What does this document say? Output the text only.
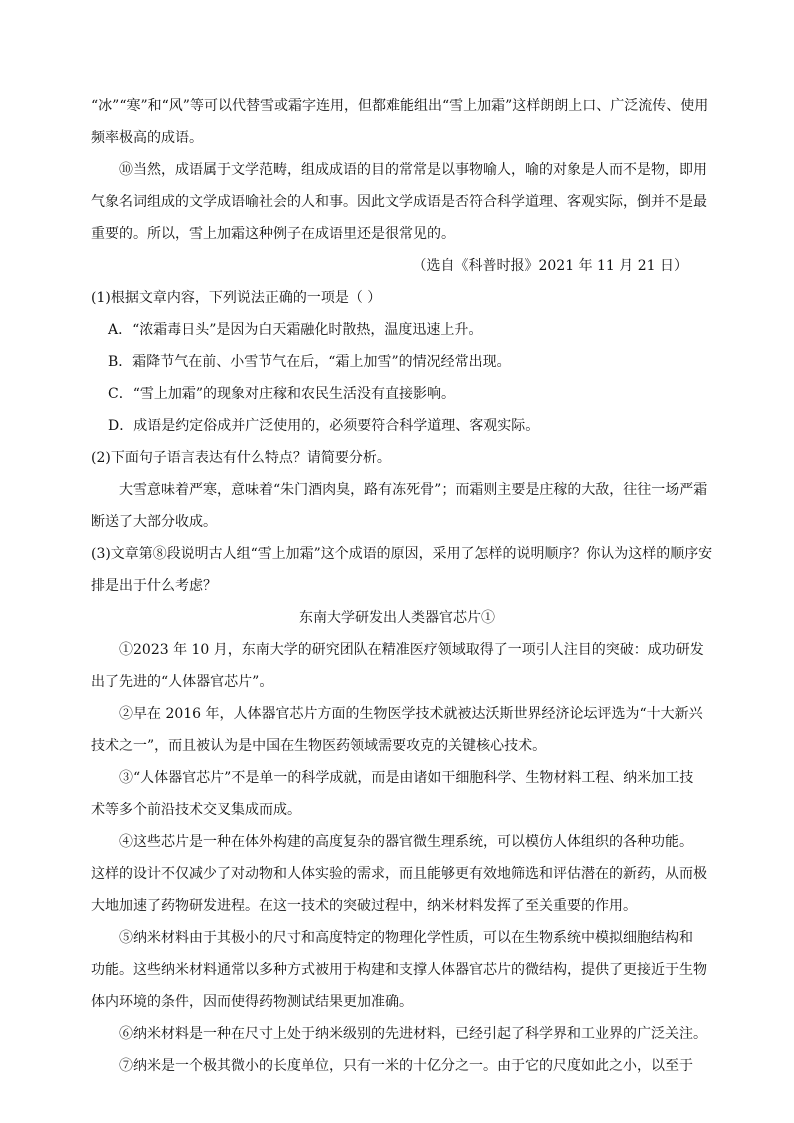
“冰”“寒”和“风”等可以代替雪或霜字连用，但都难能组出“雪上加霜”这样朗朗上口、广泛流传、使用
频率极高的成语。
⑩当然，成语属于文学范畴，组成成语的目的常常是以事物喻人，喻的对象是人而不是物，即用
气象名词组成的文学成语喻社会的人和事。因此文学成语是否符合科学道理、客观实际，倒并不是最
重要的。所以，雪上加霜这种例子在成语里还是很常见的。
（选自《科普时报》2021 年 11 月 21 日）
(1)根据文章内容，下列说法正确的一项是（ ）
A．“浓霜毒日头”是因为白天霜融化时散热，温度迅速上升。
B．霜降节气在前、小雪节气在后，“霜上加雪”的情况经常出现。
C．“雪上加霜”的现象对庄稼和农民生活没有直接影响。
D．成语是约定俗成并广泛使用的，必须要符合科学道理、客观实际。
(2)下面句子语言表达有什么特点？请简要分析。
大雪意味着严寒，意味着“朱门酒肉臭，路有冻死骨”；而霜则主要是庄稼的大敌，往往一场严霜
断送了大部分收成。
(3)文章第⑧段说明古人组“雪上加霜”这个成语的原因，采用了怎样的说明顺序？你认为这样的顺序安
排是出于什么考虑？
东南大学研发出人类器官芯片①
①2023 年 10 月，东南大学的研究团队在精准医疗领域取得了一项引人注目的突破：成功研发
出了先进的“人体器官芯片”。
②早在 2016 年，人体器官芯片方面的生物医学技术就被达沃斯世界经济论坛评选为“十大新兴
技术之一”，而且被认为是中国在生物医药领域需要攻克的关键核心技术。
③“人体器官芯片”不是单一的科学成就，而是由诸如干细胞科学、生物材料工程、纳米加工技
术等多个前沿技术交叉集成而成。
④这些芯片是一种在体外构建的高度复杂的器官微生理系统，可以模仿人体组织的各种功能。
这样的设计不仅减少了对动物和人体实验的需求，而且能够更有效地筛选和评估潜在的新药，从而极
大地加速了药物研发进程。在这一技术的突破过程中，纳米材料发挥了至关重要的作用。
⑤纳米材料由于其极小的尺寸和高度特定的物理化学性质，可以在生物系统中模拟细胞结构和
功能。这些纳米材料通常以多种方式被用于构建和支撑人体器官芯片的微结构，提供了更接近于生物
体内环境的条件，因而使得药物测试结果更加准确。
⑥纳米材料是一种在尺寸上处于纳米级别的先进材料，已经引起了科学界和工业界的广泛关注。
⑦纳米是一个极其微小的长度单位，只有一米的十亿分之一。由于它的尺度如此之小，以至于
